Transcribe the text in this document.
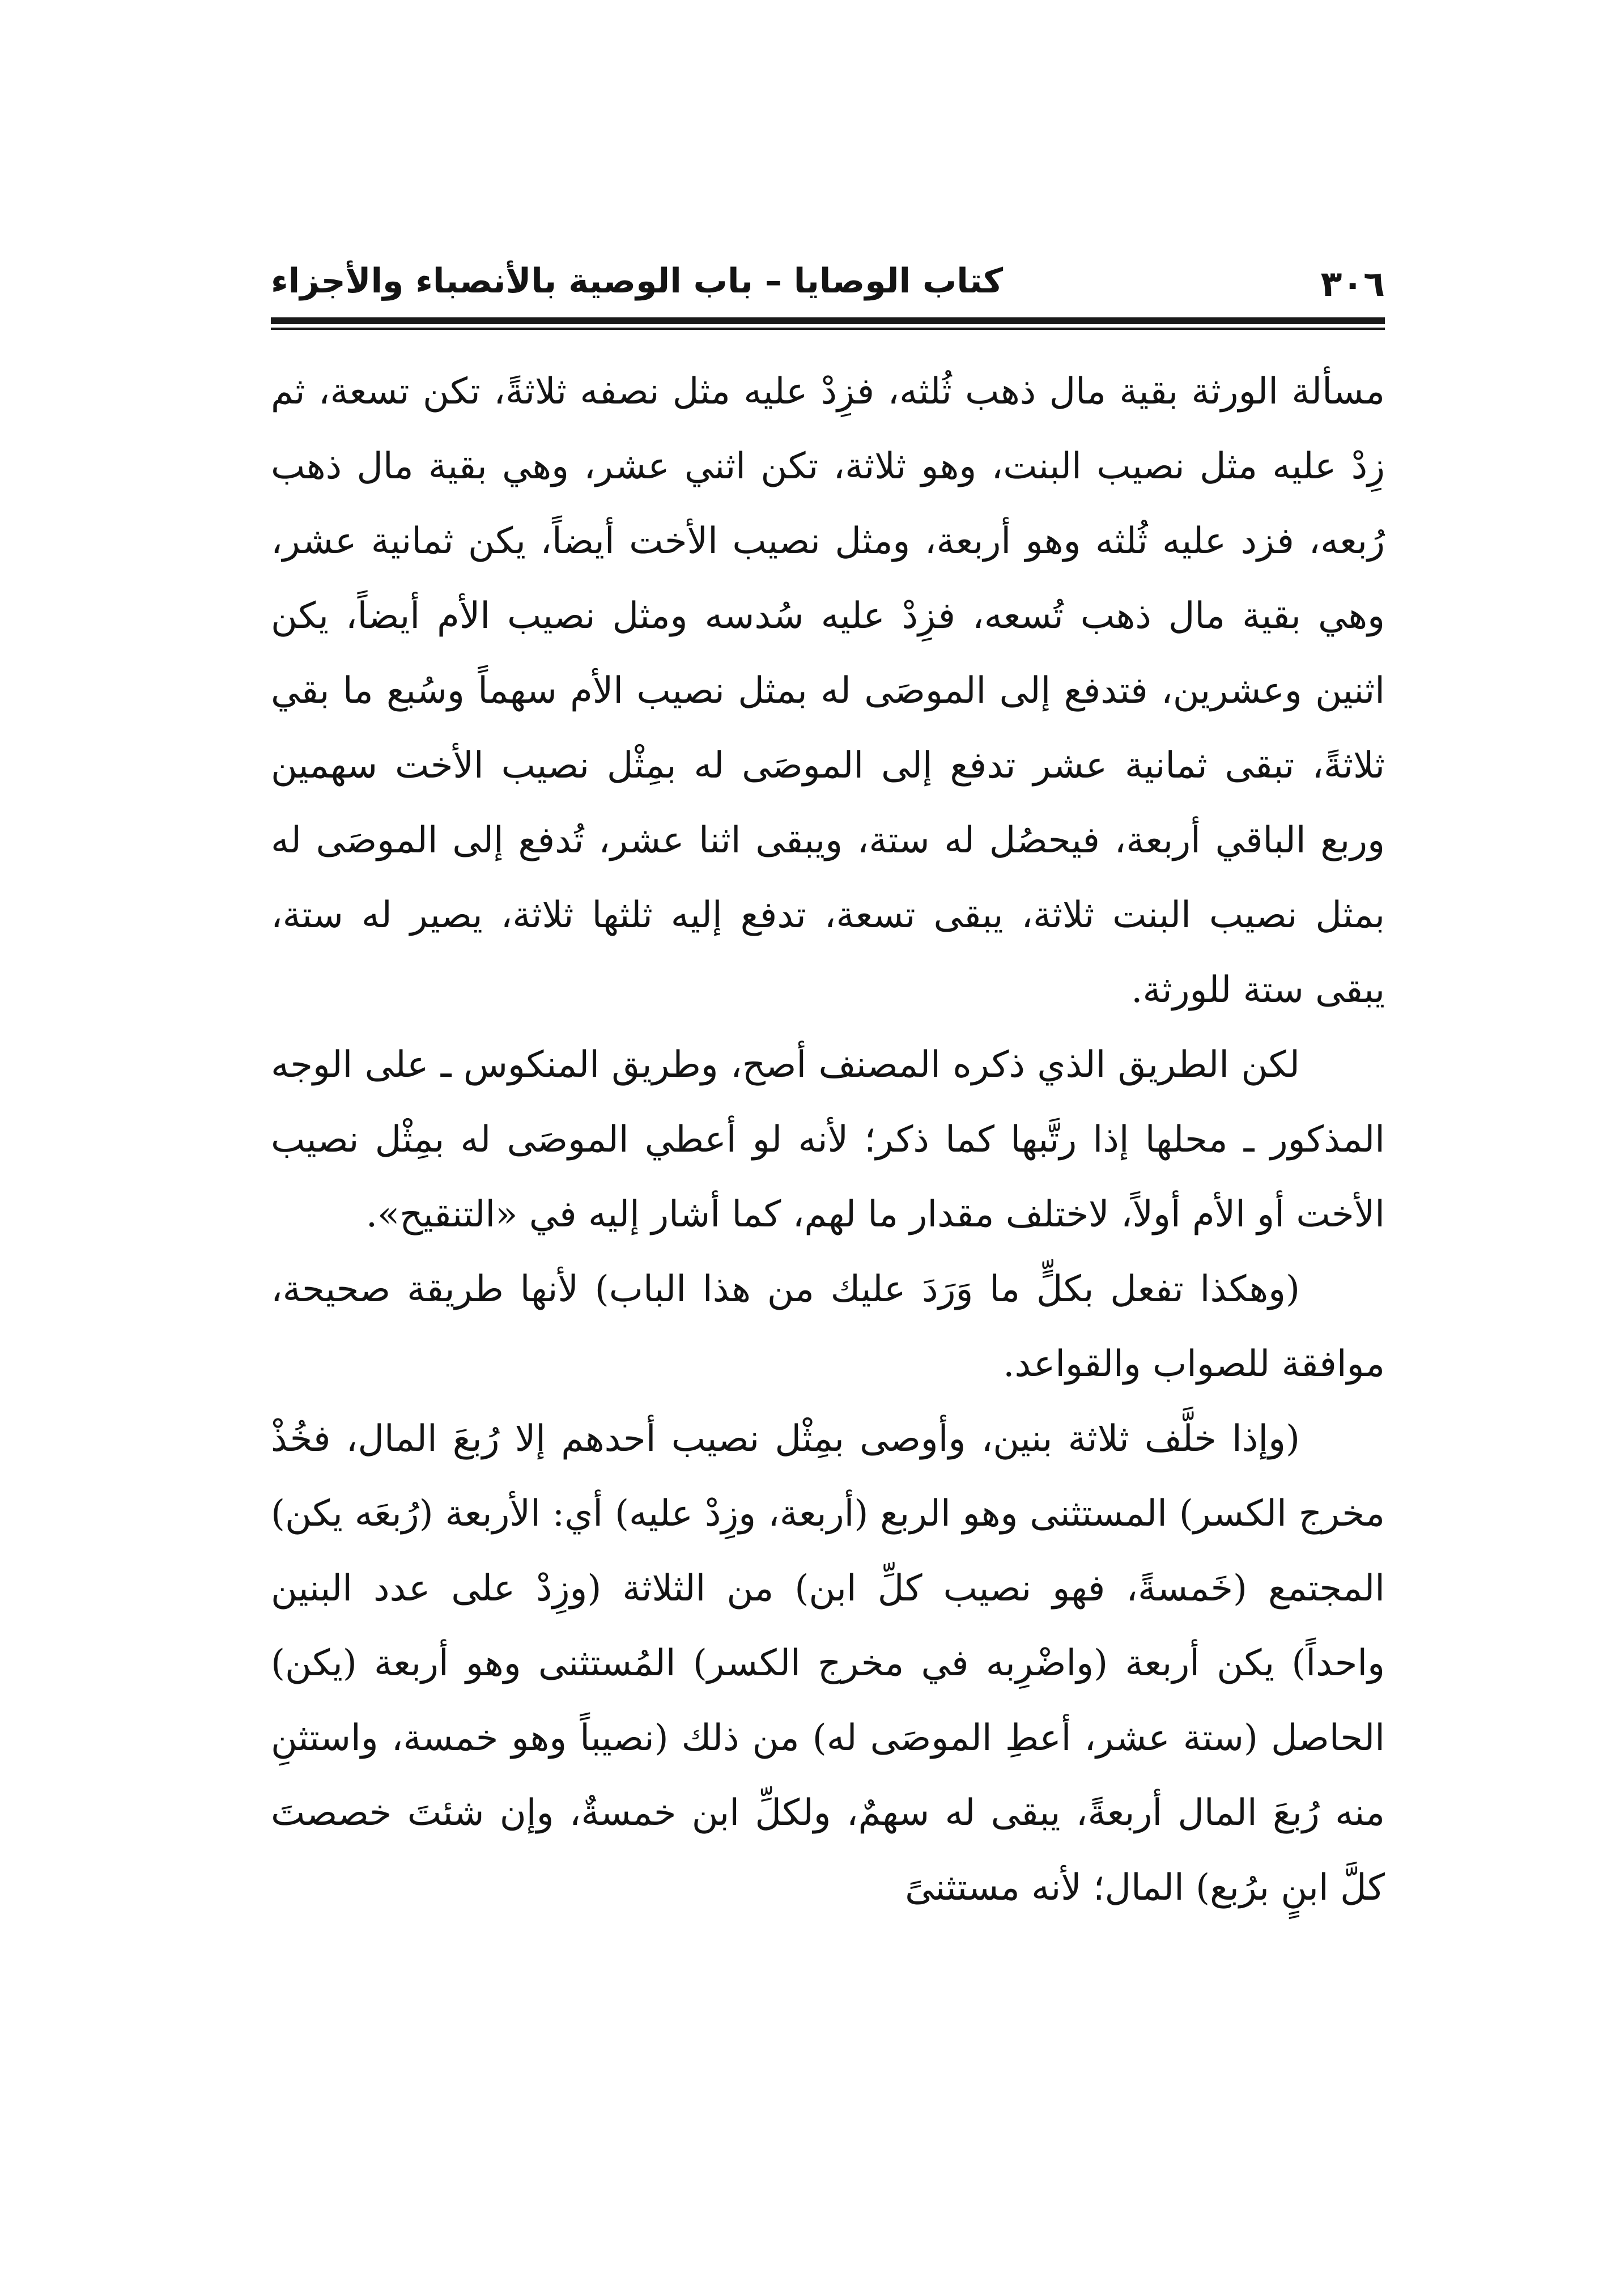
٣٠٦
كتاب الوصايا – باب الوصية بالأنصباء والأجزاء

مسألة الورثة بقية مال ذهب ثُلثه، فزِدْ عليه مثل نصفه ثلاثةً، تكن تسعة، ثم زِدْ عليه مثل نصيب البنت، وهو ثلاثة، تكن اثني عشر، وهي بقية مال ذهب رُبعه، فزد عليه ثُلثه وهو أربعة، ومثل نصيب الأخت أيضاً، يكن ثمانية عشر، وهي بقية مال ذهب تُسعه، فزِدْ عليه سُدسه ومثل نصيب الأم أيضاً، يكن اثنين وعشرين، فتدفع إلى الموصَى له بمثل نصيب الأم سهماً وسُبع ما بقي ثلاثةً، تبقى ثمانية عشر تدفع إلى الموصَى له بمِثْل نصيب الأخت سهمين وربع الباقي أربعة، فيحصُل له ستة، ويبقى اثنا عشر، تُدفع إلى الموصَى له بمثل نصيب البنت ثلاثة، يبقى تسعة، تدفع إليه ثلثها ثلاثة، يصير له ستة، يبقى ستة للورثة.

لكن الطريق الذي ذكره المصنف أصح، وطريق المنكوس ـ على الوجه المذكور ـ محلها إذا رتَّبها كما ذكر؛ لأنه لو أعطي الموصَى له بمِثْل نصيب الأخت أو الأم أولاً، لاختلف مقدار ما لهم، كما أشار إليه في «التنقيح».

(وهكذا تفعل بكلٍّ ما وَرَدَ عليك من هذا الباب) لأنها طريقة صحيحة، موافقة للصواب والقواعد.

(وإذا خلَّف ثلاثة بنين، وأوصى بمِثْل نصيب أحدهم إلا رُبعَ المال، فخُذْ مخرج الكسر) المستثنى وهو الربع (أربعة، وزِدْ عليه) أي: الأربعة (رُبعَه يكن) المجتمع (خَمسةً، فهو نصيب كلِّ ابن) من الثلاثة (وزِدْ على عدد البنين واحداً) يكن أربعة (واضْرِبه في مخرج الكسر) المُستثنى وهو أربعة (يكن) الحاصل (ستة عشر، أعطِ الموصَى له) من ذلك (نصيباً وهو خمسة، واستثنِ منه رُبعَ المال أربعةً، يبقى له سهمٌ، ولكلِّ ابن خمسةٌ، وإن شئتَ خصصتَ كلَّ ابنٍ برُبع) المال؛ لأنه مستثنىً
